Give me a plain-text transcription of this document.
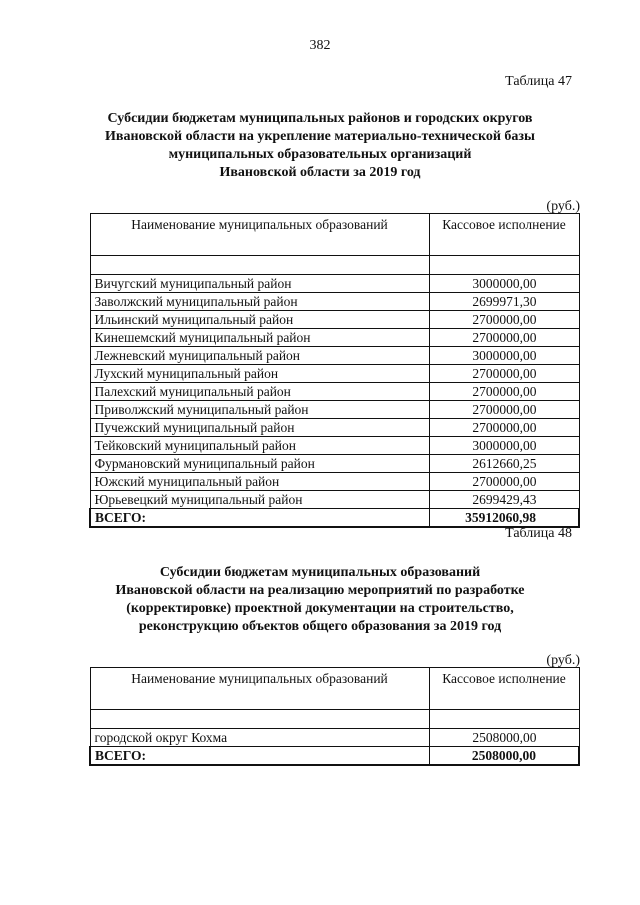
382
Таблица 47
Субсидии бюджетам муниципальных районов и городских округов
Ивановской области на укрепление материально-технической базы
муниципальных образовательных организаций
Ивановской области за 2019 год
(руб.)
Наименование муниципальных образований	Кассовое исполнение

Вичугский муниципальный район	3000000,00
Заволжский муниципальный район	2699971,30
Ильинский муниципальный район	2700000,00
Кинешемский муниципальный район	2700000,00
Лежневский муниципальный район	3000000,00
Лухский муниципальный район	2700000,00
Палехский муниципальный район	2700000,00
Приволжский муниципальный район	2700000,00
Пучежский муниципальный район	2700000,00
Тейковский муниципальный район	3000000,00
Фурмановский муниципальный район	2612660,25
Южский муниципальный район	2700000,00
Юрьевецкий муниципальный район	2699429,43
ВСЕГО:	35912060,98
Таблица 48
Субсидии бюджетам муниципальных образований
Ивановской области на реализацию мероприятий по разработке
(корректировке) проектной документации на строительство,
реконструкцию объектов общего образования за 2019 год
(руб.)
Наименование муниципальных образований	Кассовое исполнение

городской округ Кохма	2508000,00
ВСЕГО:	2508000,00
